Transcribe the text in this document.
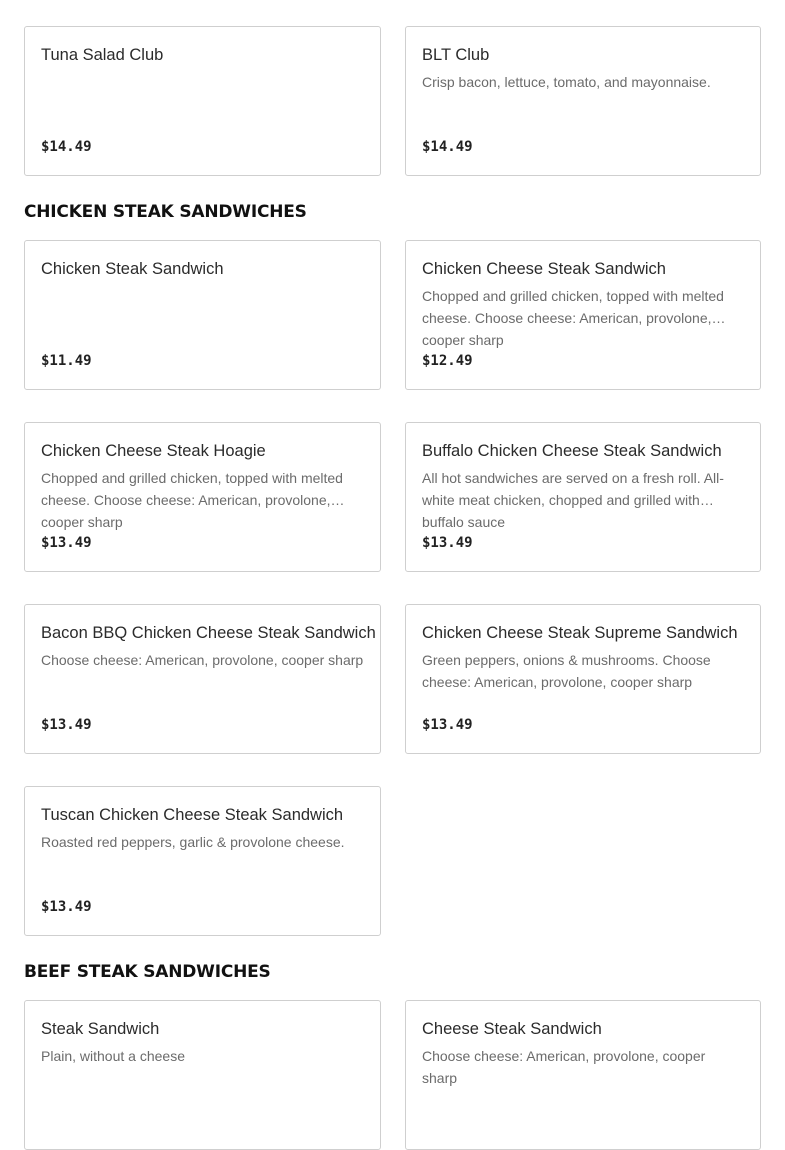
Tuna Salad Club
$14.49
BLT Club
Crisp bacon, lettuce, tomato, and mayonnaise.
$14.49
CHICKEN STEAK SANDWICHES
Chicken Steak Sandwich
$11.49
Chicken Cheese Steak Sandwich
Chopped and grilled chicken, topped with melted cheese. Choose cheese: American, provolone, cooper sharp
$12.49
Chicken Cheese Steak Hoagie
Chopped and grilled chicken, topped with melted cheese. Choose cheese: American, provolone, cooper sharp
$13.49
Buffalo Chicken Cheese Steak Sandwich
All hot sandwiches are served on a fresh roll. All-white meat chicken, chopped and grilled with buffalo sauce
$13.49
Bacon BBQ Chicken Cheese Steak Sandwich
Choose cheese: American, provolone, cooper sharp
$13.49
Chicken Cheese Steak Supreme Sandwich
Green peppers, onions & mushrooms. Choose cheese: American, provolone, cooper sharp
$13.49
Tuscan Chicken Cheese Steak Sandwich
Roasted red peppers, garlic & provolone cheese.
$13.49
BEEF STEAK SANDWICHES
Steak Sandwich
Plain, without a cheese
Cheese Steak Sandwich
Choose cheese: American, provolone, cooper sharp
